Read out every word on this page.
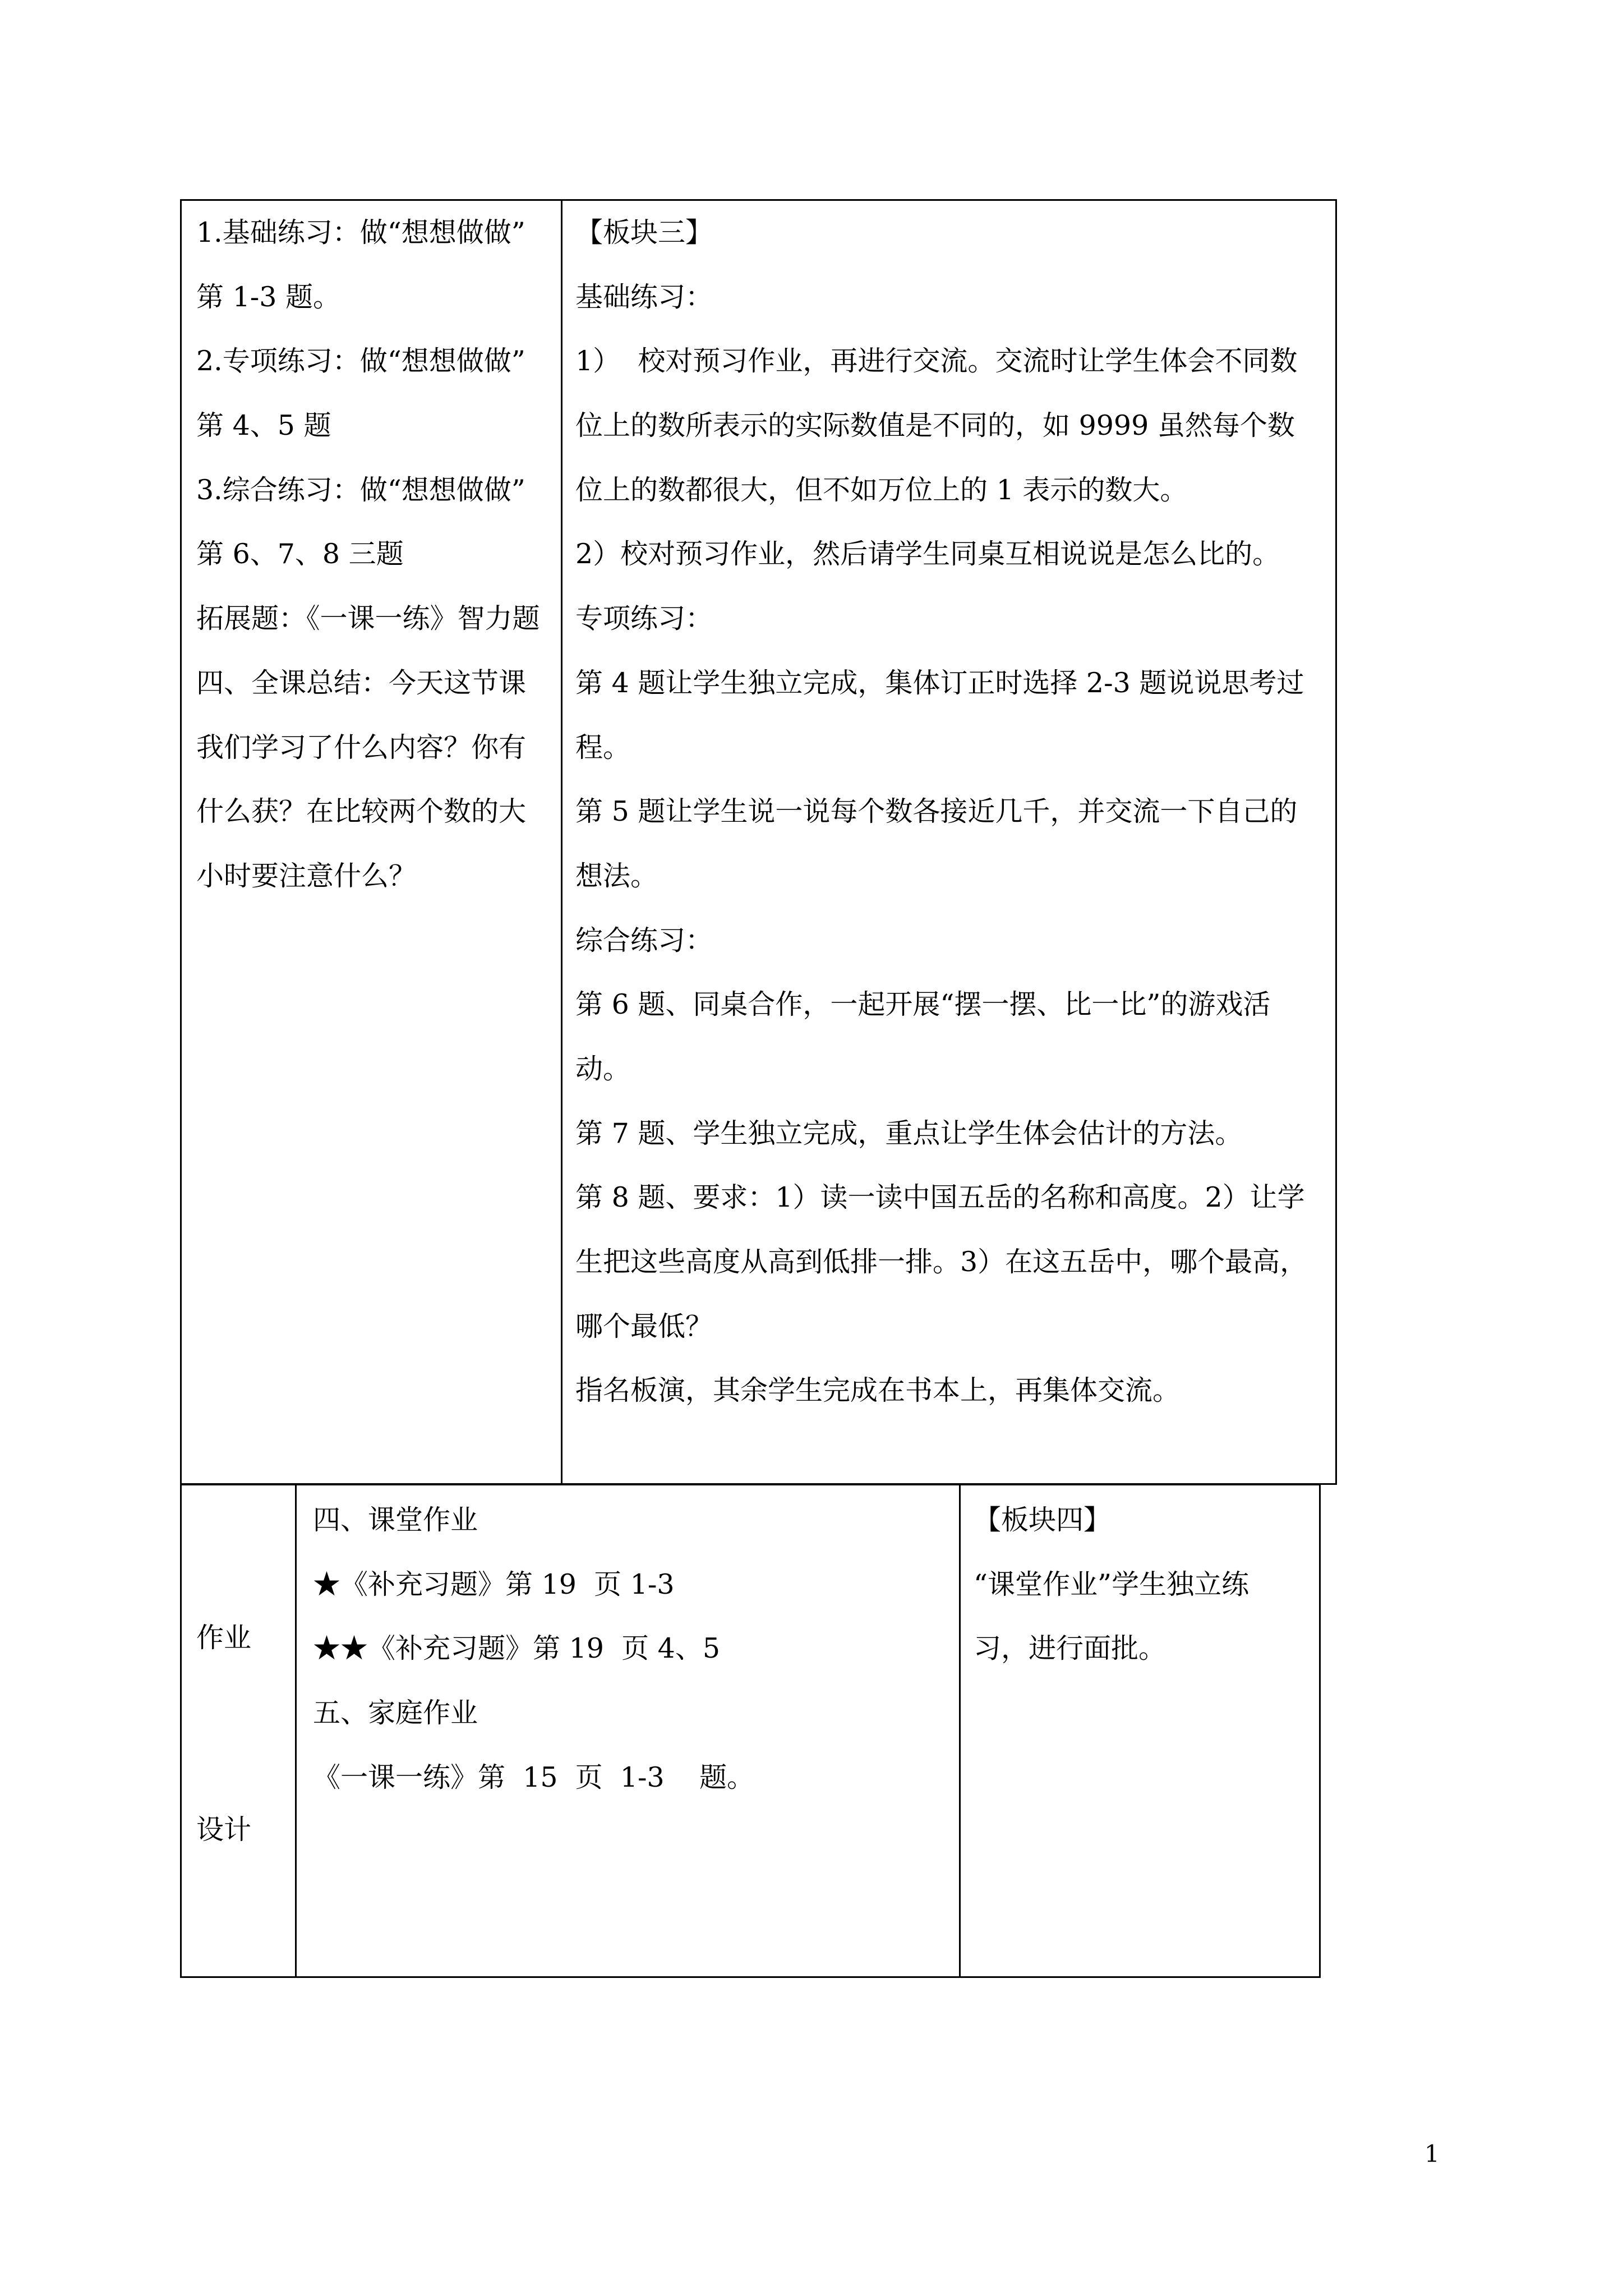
1.基础练习：做“想想做做”
第 1-3 题。
2.专项练习：做“想想做做”
第 4、5 题
3.综合练习：做“想想做做”
第 6、7、8 三题
拓展题：《一课一练》智力题
四、全课总结：今天这节课
我们学习了什么内容？你有
什么获？在比较两个数的大
小时要注意什么？
【板块三】
基础练习：
1）  校对预习作业，再进行交流。交流时让学生体会不同数
位上的数所表示的实际数值是不同的，如 9999 虽然每个数
位上的数都很大，但不如万位上的 1 表示的数大。
2）校对预习作业，然后请学生同桌互相说说是怎么比的。
专项练习：
第 4 题让学生独立完成，集体订正时选择 2-3 题说说思考过
程。
第 5 题让学生说一说每个数各接近几千，并交流一下自己的
想法。
综合练习：
第 6 题、同桌合作，一起开展“摆一摆、比一比”的游戏活
动。
第 7 题、学生独立完成，重点让学生体会估计的方法。
第 8 题、要求：1）读一读中国五岳的名称和高度。2）让学
生把这些高度从高到低排一排。3）在这五岳中，哪个最高，
哪个最低？
指名板演，其余学生完成在书本上，再集体交流。
作业
设计
四、课堂作业
★《补充习题》第 19  页 1-3
★★《补充习题》第 19  页 4、5
五、家庭作业
《一课一练》第  15  页  1-3    题。
【板块四】
“课堂作业”学生独立练
习，进行面批。
1
